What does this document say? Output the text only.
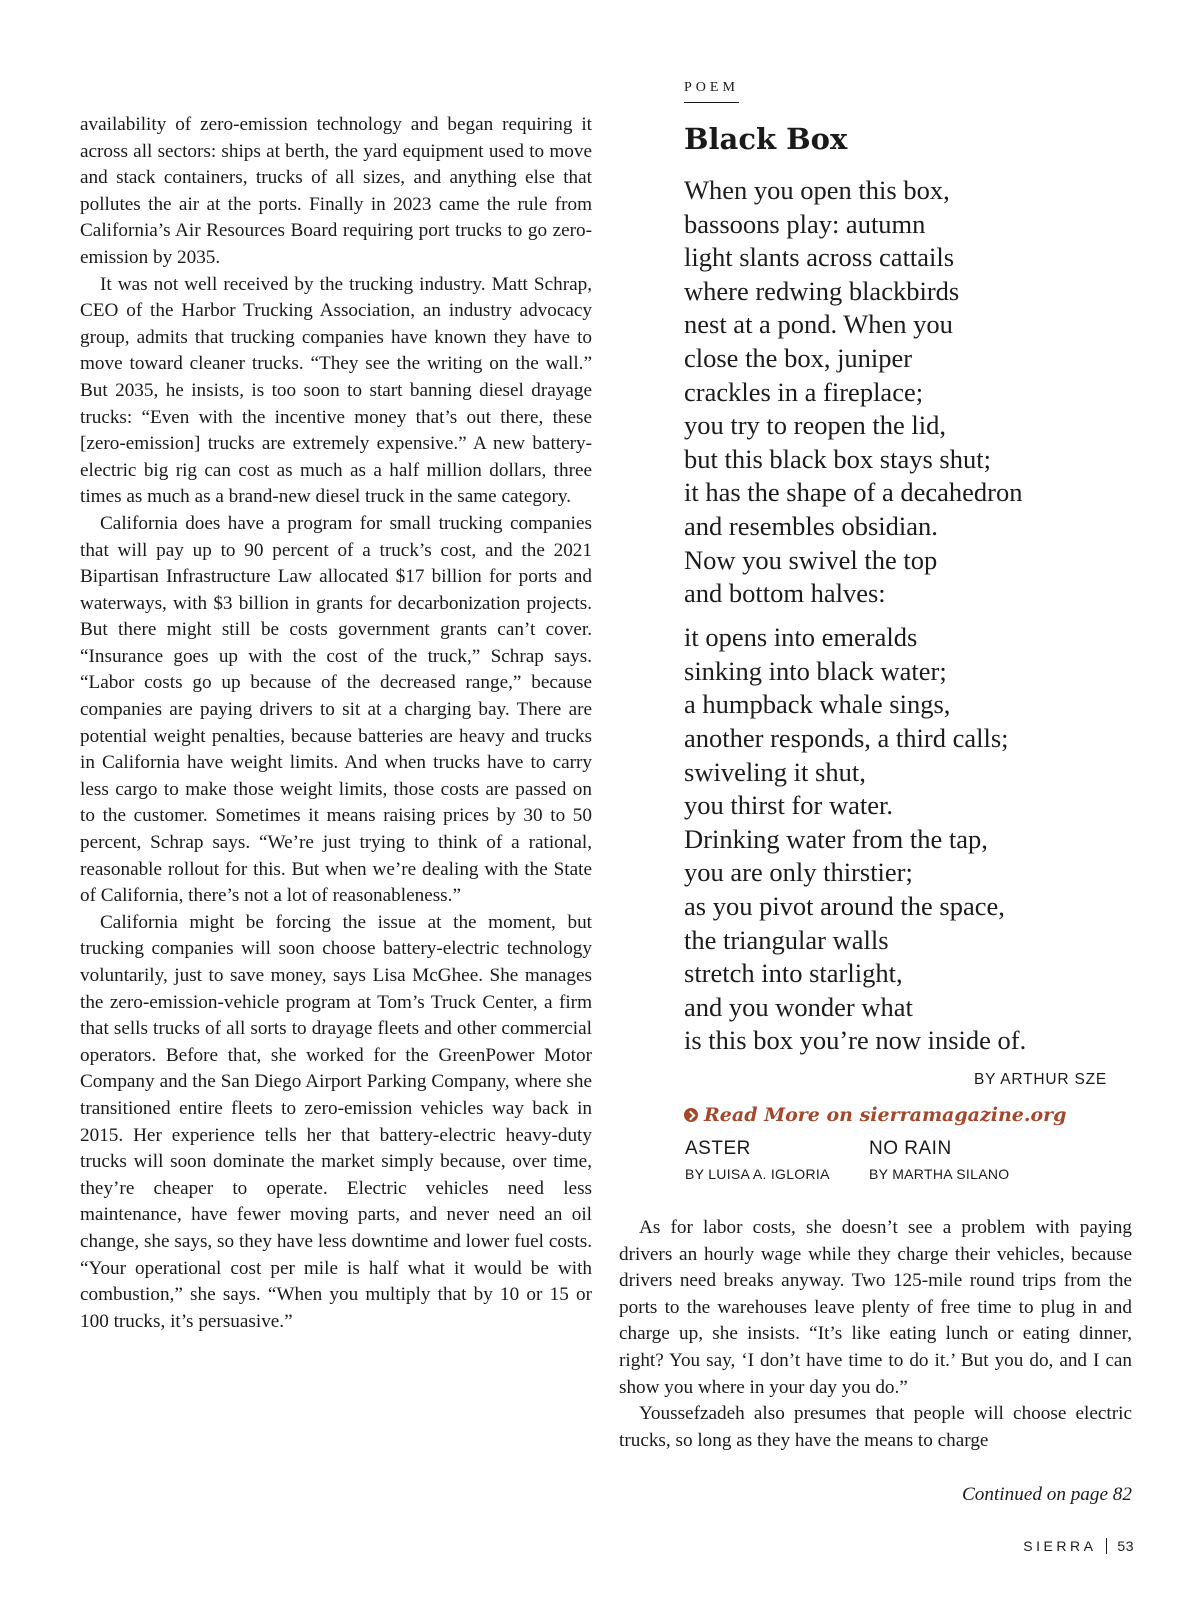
availability of zero-emission technology and began requiring it across all sectors: ships at berth, the yard equipment used to move and stack containers, trucks of all sizes, and anything else that pollutes the air at the ports. Finally in 2023 came the rule from California’s Air Resources Board requiring port trucks to go zero-emission by 2035.

It was not well received by the trucking industry. Matt Schrap, CEO of the Harbor Trucking Association, an industry advocacy group, admits that trucking companies have known they have to move toward cleaner trucks. “They see the writing on the wall.” But 2035, he insists, is too soon to start banning diesel drayage trucks: “Even with the incentive money that’s out there, these [zero-emission] trucks are extremely expensive.” A new battery-electric big rig can cost as much as a half million dollars, three times as much as a brand-new diesel truck in the same category.

California does have a program for small trucking companies that will pay up to 90 percent of a truck’s cost, and the 2021 Bipartisan Infrastructure Law allocated $17 billion for ports and waterways, with $3 billion in grants for decarbonization projects. But there might still be costs government grants can’t cover. “Insurance goes up with the cost of the truck,” Schrap says. “Labor costs go up because of the decreased range,” because companies are paying drivers to sit at a charging bay. There are potential weight penalties, because batteries are heavy and trucks in California have weight limits. And when trucks have to carry less cargo to make those weight limits, those costs are passed on to the customer. Sometimes it means raising prices by 30 to 50 percent, Schrap says. “We’re just trying to think of a rational, reasonable rollout for this. But when we’re dealing with the State of California, there’s not a lot of reasonableness.”

California might be forcing the issue at the moment, but trucking companies will soon choose battery-electric technology voluntarily, just to save money, says Lisa McGhee. She manages the zero-emission-vehicle program at Tom’s Truck Center, a firm that sells trucks of all sorts to drayage fleets and other commercial operators. Before that, she worked for the GreenPower Motor Company and the San Diego Airport Parking Company, where she transitioned entire fleets to zero-emission vehicles way back in 2015. Her experience tells her that battery-electric heavy-duty trucks will soon dominate the market simply because, over time, they’re cheaper to operate. Electric vehicles need less maintenance, have fewer moving parts, and never need an oil change, she says, so they have less downtime and lower fuel costs. “Your operational cost per mile is half what it would be with combustion,” she says. “When you multiply that by 10 or 15 or 100 trucks, it’s persuasive.”

POEM
Black Box
When you open this box,
bassoons play: autumn
light slants across cattails
where redwing blackbirds
nest at a pond. When you
close the box, juniper
crackles in a fireplace;
you try to reopen the lid,
but this black box stays shut;
it has the shape of a decahedron
and resembles obsidian.
Now you swivel the top
and bottom halves:
it opens into emeralds
sinking into black water;
a humpback whale sings,
another responds, a third calls;
swiveling it shut,
you thirst for water.
Drinking water from the tap,
you are only thirstier;
as you pivot around the space,
the triangular walls
stretch into starlight,
and you wonder what
is this box you’re now inside of.
BY ARTHUR SZE
Read More on sierramagazine.org
ASTER
BY LUISA A. IGLORIA
NO RAIN
BY MARTHA SILANO

As for labor costs, she doesn’t see a problem with paying drivers an hourly wage while they charge their vehicles, because drivers need breaks anyway. Two 125-mile round trips from the ports to the warehouses leave plenty of free time to plug in and charge up, she insists. “It’s like eating lunch or eating dinner, right? You say, ‘I don’t have time to do it.’ But you do, and I can show you where in your day you do.”

Youssefzadeh also presumes that people will choose electric trucks, so long as they have the means to charge

Continued on page 82
SIERRA 53
